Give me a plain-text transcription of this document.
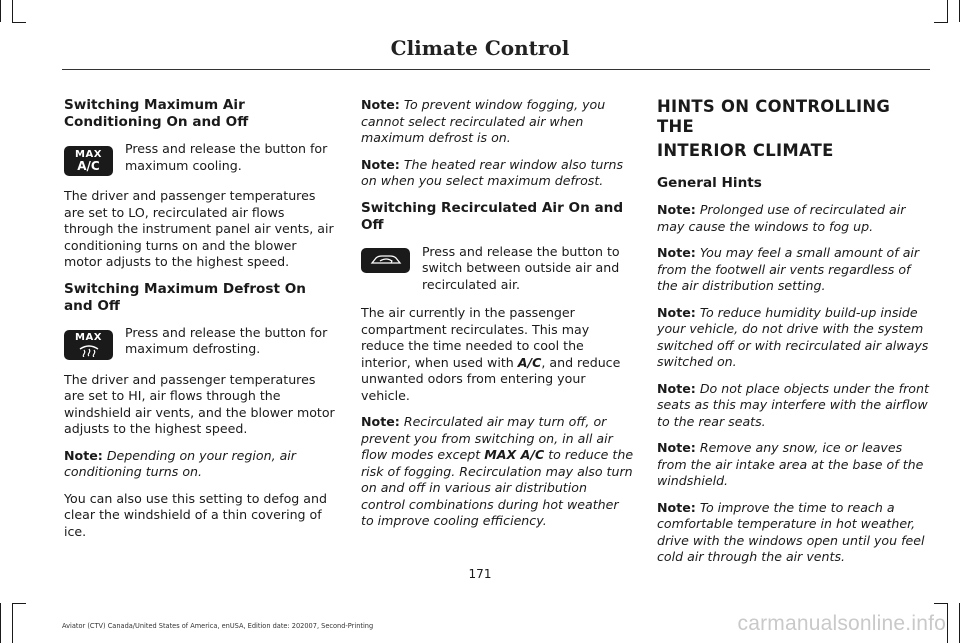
Climate Control
Switching Maximum Air Conditioning On and Off
MAX
A/C
Press and release the button for maximum cooling.

The driver and passenger temperatures are set to LO, recirculated air flows through the instrument panel air vents, air conditioning turns on and the blower motor adjusts to the highest speed.

Switching Maximum Defrost On and Off
MAX Press and release the button for maximum defrosting.

The driver and passenger temperatures are set to HI, air flows through the windshield air vents, and the blower motor adjusts to the highest speed.

Note: Depending on your region, air conditioning turns on.

You can also use this setting to defog and clear the windshield of a thin covering of ice.

Note: To prevent window fogging, you cannot select recirculated air when maximum defrost is on.

Note: The heated rear window also turns on when you select maximum defrost.

Switching Recirculated Air On and Off
Press and release the button to switch between outside air and recirculated air.

The air currently in the passenger compartment recirculates. This may reduce the time needed to cool the interior, when used with A/C, and reduce unwanted odors from entering your vehicle.

Note: Recirculated air may turn off, or prevent you from switching on, in all air flow modes except MAX A/C to reduce the risk of fogging. Recirculation may also turn on and off in various air distribution control combinations during hot weather to improve cooling efficiency.

HINTS ON CONTROLLING THE
INTERIOR CLIMATE
General Hints

Note: Prolonged use of recirculated air may cause the windows to fog up.

Note: You may feel a small amount of air from the footwell air vents regardless of the air distribution setting.

Note: To reduce humidity build-up inside your vehicle, do not drive with the system switched off or with recirculated air always switched on.

Note: Do not place objects under the front seats as this may interfere with the airflow to the rear seats.

Note: Remove any snow, ice or leaves from the air intake area at the base of the windshield.

Note: To improve the time to reach a comfortable temperature in hot weather, drive with the windows open until you feel cold air through the air vents.

171
Aviator (CTV) Canada/United States of America, enUSA, Edition date: 202007, Second-Printing	carmanualsonline.info
